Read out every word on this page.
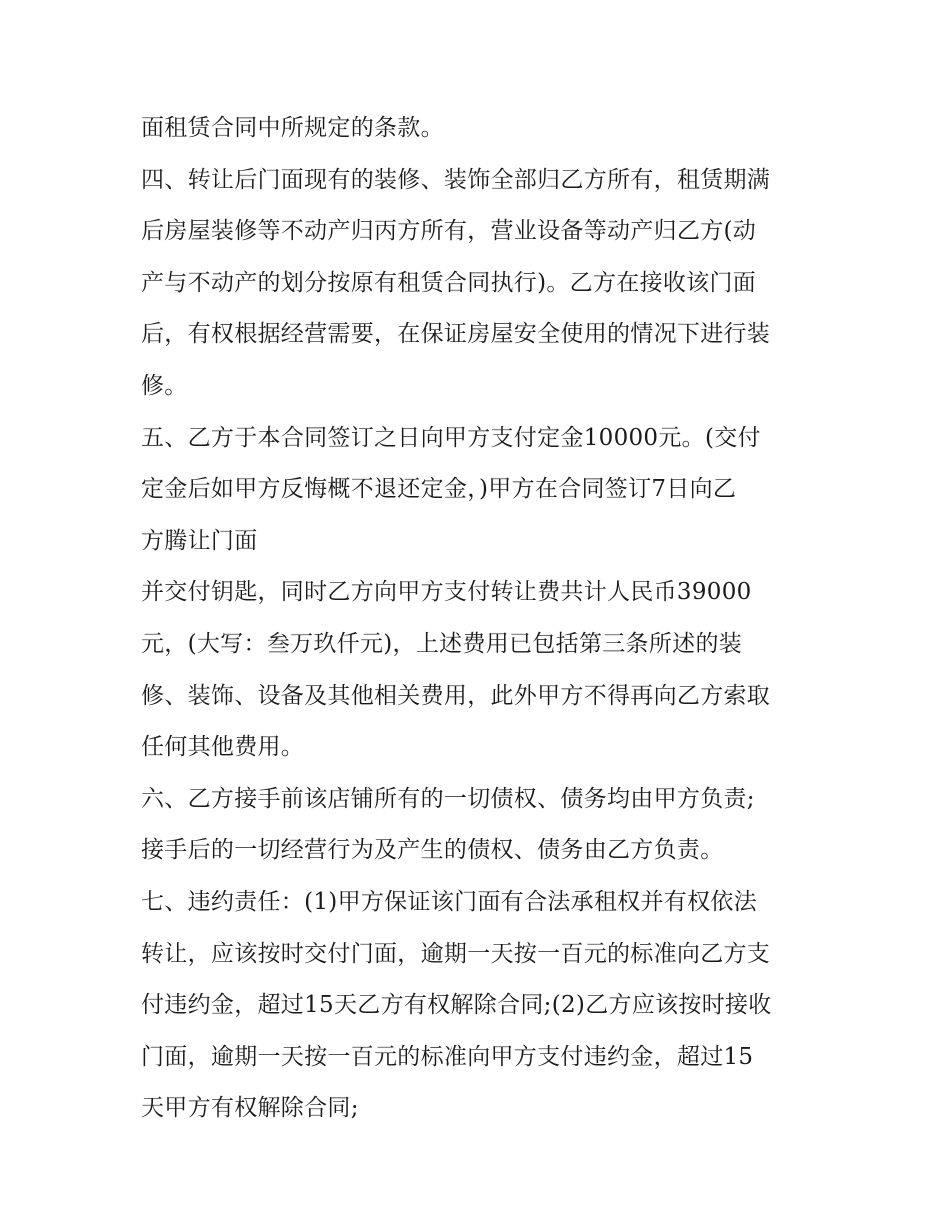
面租赁合同中所规定的条款。
四、转让后门面现有的装修、装饰全部归乙方所有，租赁期满
后房屋装修等不动产归丙方所有，营业设备等动产归乙方(动
产与不动产的划分按原有租赁合同执行)。乙方在接收该门面
后，有权根据经营需要，在保证房屋安全使用的情况下进行装
修。
五、乙方于本合同签订之日向甲方支付定金10000元。(交付
定金后如甲方反悔概不退还定金，)甲方在合同签订7日向乙
方腾让门面
并交付钥匙，同时乙方向甲方支付转让费共计人民币39000
元，(大写：叁万玖仟元)，上述费用已包括第三条所述的装
修、装饰、设备及其他相关费用，此外甲方不得再向乙方索取
任何其他费用。
六、乙方接手前该店铺所有的一切债权、债务均由甲方负责;
接手后的一切经营行为及产生的债权、债务由乙方负责。
七、违约责任：(1)甲方保证该门面有合法承租权并有权依法
转让，应该按时交付门面，逾期一天按一百元的标准向乙方支
付违约金，超过15天乙方有权解除合同;(2)乙方应该按时接收
门面，逾期一天按一百元的标准向甲方支付违约金，超过15
天甲方有权解除合同;
